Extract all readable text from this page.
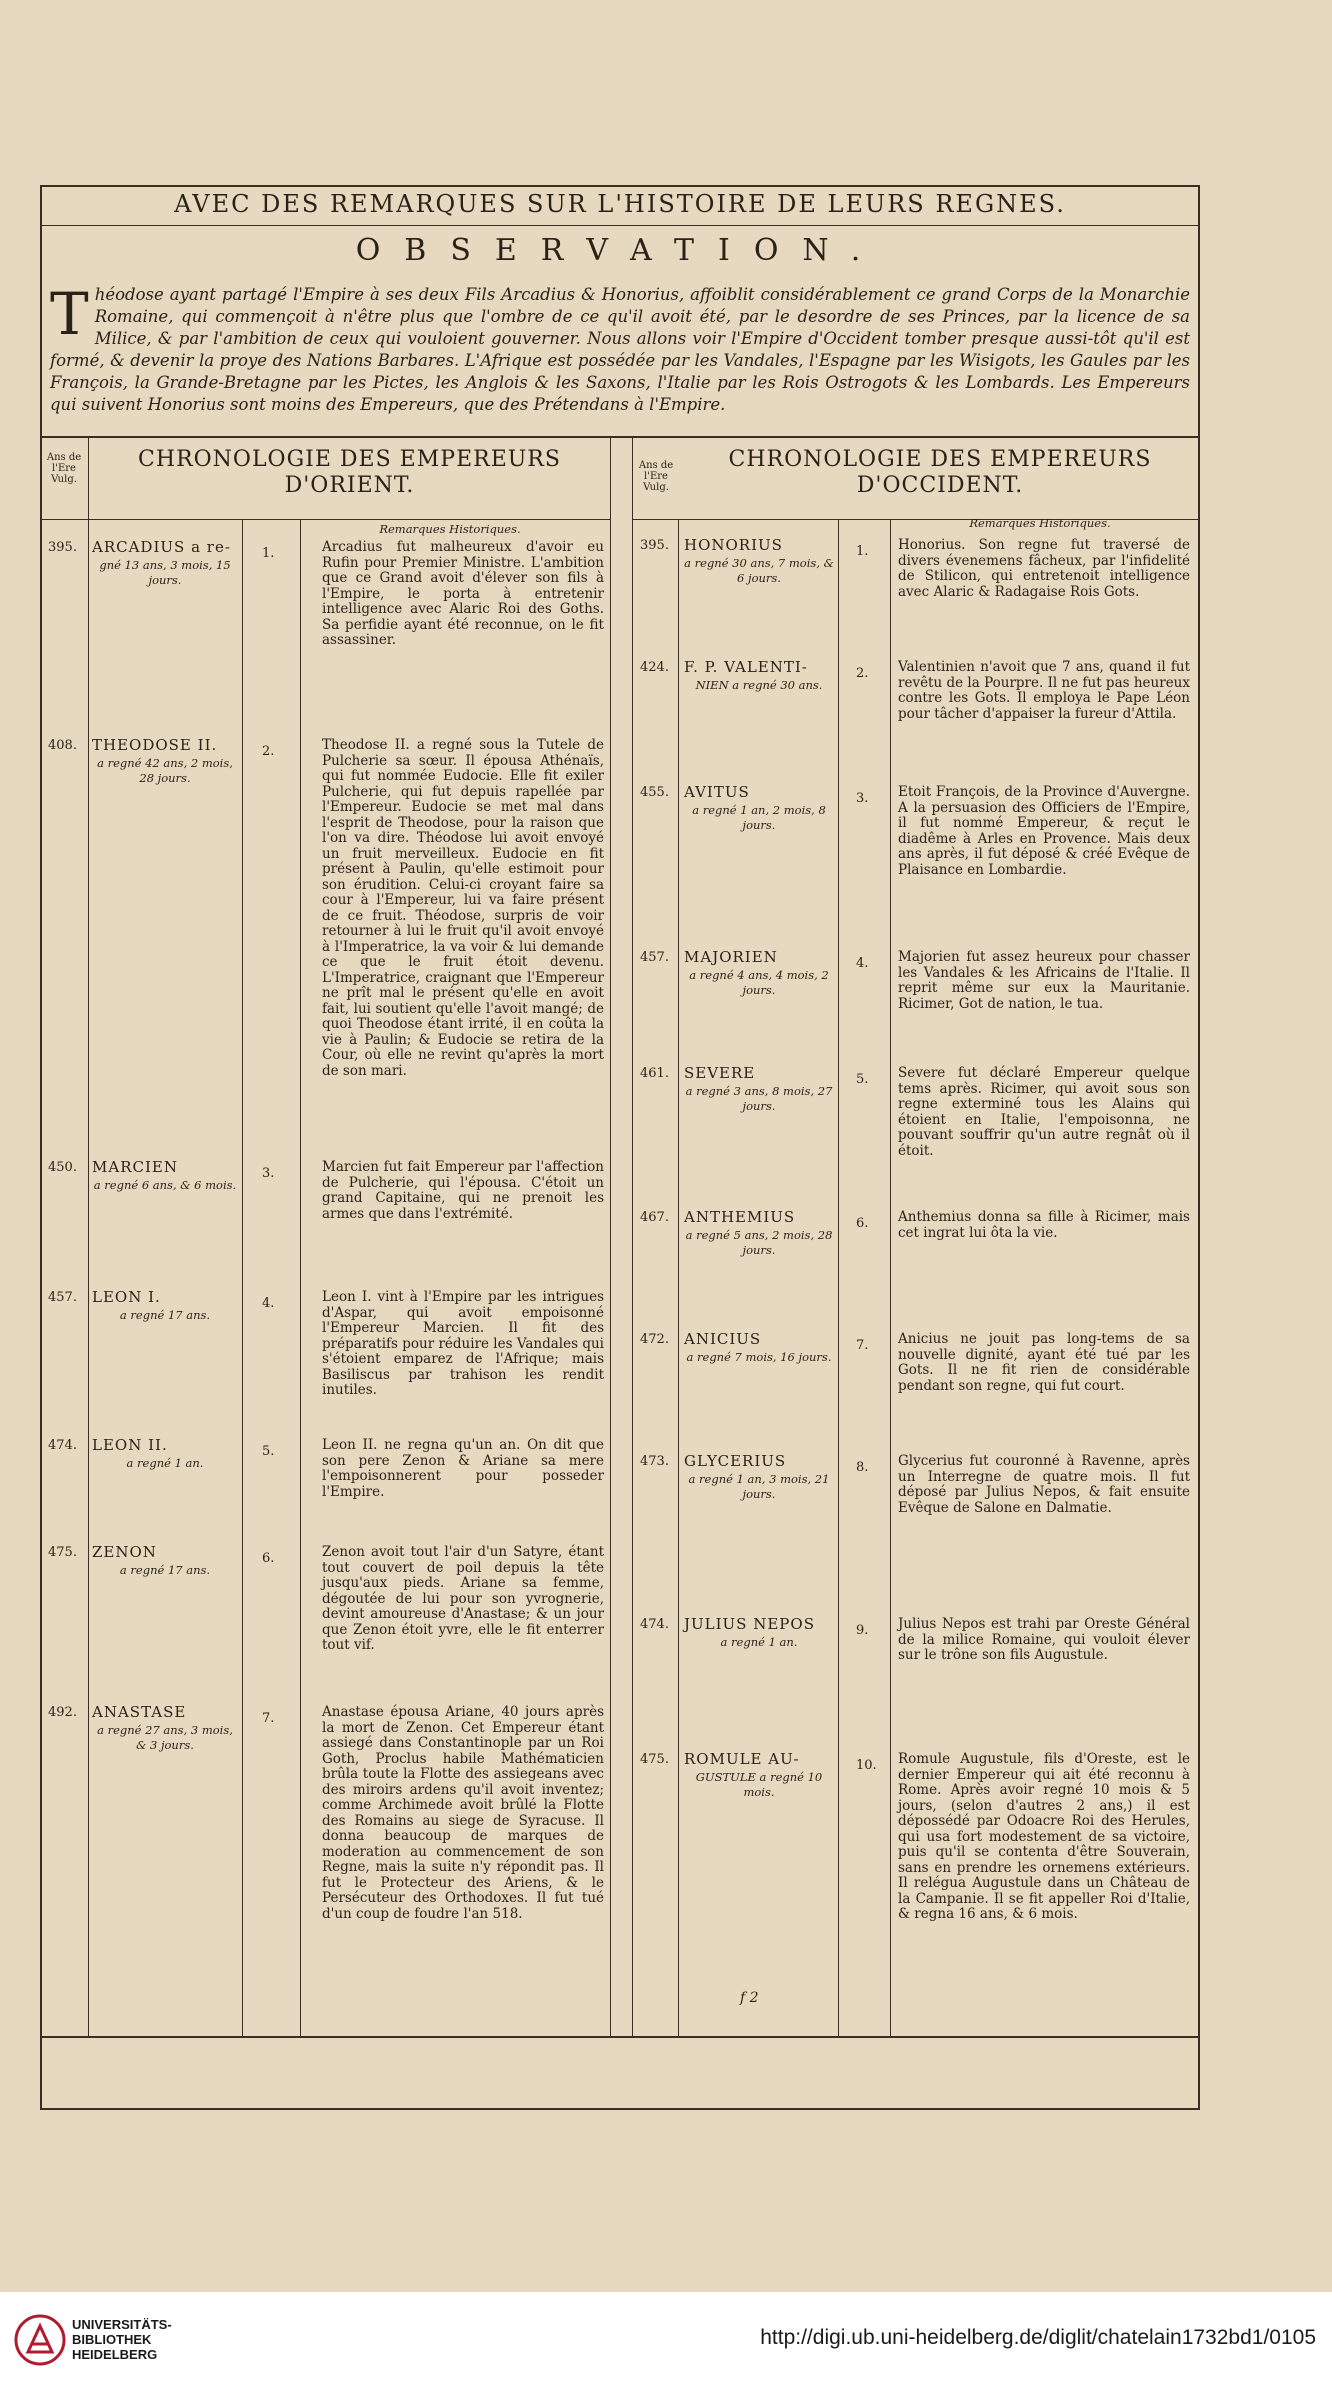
AVEC DES REMARQUES SUR L'HISTOIRE DE LEURS REGNES.
OBSERVATION.
Théodose ayant partagé l'Empire à ses deux Fils Arcadius & Honorius, affoiblit considérablement ce grand Corps de la Monarchie Romaine, qui commençoit à n'être plus que l'ombre de ce qu'il avoit été, par le desordre de ses Princes, par la licence de sa Milice, & par l'ambition de ceux qui vouloient gouverner. Nous allons voir l'Empire d'Occident tomber presque aussi-tôt qu'il est formé, & devenir la proye des Nations Barbares. L'Afrique est possédée par les Vandales, l'Espagne par les Wisigots, les Gaules par les François, la Grande-Bretagne par les Pictes, les Anglois & les Saxons, l'Italie par les Rois Ostrogots & les Lombards. Les Empereurs qui suivent Honorius sont moins des Empereurs, que des Prétendans à l'Empire.
Ans de l'Ere Vulg.
CHRONOLOGIE DES EMPEREURS
D'ORIENT.
Remarques Historiques.
Ans de l'Ere Vulg.
CHRONOLOGIE DES EMPEREURS
D'OCCIDENT.
Remarques Historiques.
395. ARCADIUS a re-
gné 13 ans, 3 mois, 15 jours.
1.	Arcadius fut malheureux d'avoir eu Rufin pour Premier Ministre. L'ambition que ce Grand avoit d'élever son fils à l'Empire, le porta à entretenir intelligence avec Alaric Roi des Goths. Sa perfidie ayant été reconnue, on le fit assassiner.
408. THEODOSE II.
a regné 42 ans, 2 mois, 28 jours.
2.	Theodose II. a regné sous la Tutele de Pulcherie sa sœur. Il épousa Athénaïs, qui fut nommée Eudocie. Elle fit exiler Pulcherie, qui fut depuis rapellée par l'Empereur. Eudocie se met mal dans l'esprit de Theodose, pour la raison que l'on va dire. Théodose lui avoit envoyé un fruit merveilleux. Eudocie en fit présent à Paulin, qu'elle estimoit pour son érudition. Celui-ci croyant faire sa cour à l'Empereur, lui va faire présent de ce fruit. Théodose, surpris de voir retourner à lui le fruit qu'il avoit envoyé à l'Imperatrice, la va voir & lui demande ce que le fruit étoit devenu. L'Imperatrice, craignant que l'Empereur ne prît mal le présent qu'elle en avoit fait, lui soutient qu'elle l'avoit mangé; de quoi Theodose étant irrité, il en coûta la vie à Paulin; & Eudocie se retira de la Cour, où elle ne revint qu'après la mort de son mari.
450. MARCIEN
a regné 6 ans, & 6 mois.
3.	Marcien fut fait Empereur par l'affection de Pulcherie, qui l'épousa. C'étoit un grand Capitaine, qui ne prenoit les armes que dans l'extrémité.
457. LEON I.
a regné 17 ans.
4.	Leon I. vint à l'Empire par les intrigues d'Aspar, qui avoit empoisonné l'Empereur Marcien. Il fit des préparatifs pour réduire les Vandales qui s'étoient emparez de l'Afrique; mais Basiliscus par trahison les rendit inutiles.
474. LEON II.
a regné 1 an.
5.	Leon II. ne regna qu'un an. On dit que son pere Zenon & Ariane sa mere l'empoisonnerent pour posseder l'Empire.
475. ZENON
a regné 17 ans.
6.	Zenon avoit tout l'air d'un Satyre, étant tout couvert de poil depuis la tête jusqu'aux pieds. Ariane sa femme, dégoutée de lui pour son yvrognerie, devint amoureuse d'Anastase; & un jour que Zenon étoit yvre, elle le fit enterrer tout vif.
492. ANASTASE
a regné 27 ans, 3 mois, & 3 jours.
7.	Anastase épousa Ariane, 40 jours après la mort de Zenon. Cet Empereur étant assiegé dans Constantinople par un Roi Goth, Proclus habile Mathématicien brûla toute la Flotte des assiegeans avec des miroirs ardens qu'il avoit inventez; comme Archimede avoit brûlé la Flotte des Romains au siege de Syracuse. Il donna beaucoup de marques de moderation au commencement de son Regne, mais la suite n'y répondit pas. Il fut le Protecteur des Ariens, & le Persécuteur des Orthodoxes. Il fut tué d'un coup de foudre l'an 518.
395. HONORIUS
a regné 30 ans, 7 mois, & 6 jours.
1. Honorius. Son regne fut traversé de divers évenemens fâcheux, par l'infidelité de Stilicon, qui entretenoit intelligence avec Alaric & Radagaise Rois Gots.
424. F. P. VALENTI-
NIEN a regné 30 ans.
2. Valentinien n'avoit que 7 ans, quand il fut revêtu de la Pourpre. Il ne fut pas heureux contre les Gots. Il employa le Pape Léon pour tâcher d'appaiser la fureur d'Attila.
455. AVITUS
a regné 1 an, 2 mois, 8 jours.
3. Etoit François, de la Province d'Auvergne. A la persuasion des Officiers de l'Empire, il fut nommé Empereur, & reçut le diadême à Arles en Provence. Mais deux ans après, il fut déposé & créé Evêque de Plaisance en Lombardie.
457. MAJORIEN
a regné 4 ans, 4 mois, 2 jours.
4. Majorien fut assez heureux pour chasser les Vandales & les Africains de l'Italie. Il reprit même sur eux la Mauritanie. Ricimer, Got de nation, le tua.
461. SEVERE
a regné 3 ans, 8 mois, 27 jours.
5. Severe fut déclaré Empereur quelque tems après. Ricimer, qui avoit sous son regne exterminé tous les Alains qui étoient en Italie, l'empoisonna, ne pouvant souffrir qu'un autre regnât où il étoit.
467. ANTHEMIUS
a regné 5 ans, 2 mois, 28 jours.
6. Anthemius donna sa fille à Ricimer, mais cet ingrat lui ôta la vie.
472. ANICIUS
a regné 7 mois, 16 jours.
7. Anicius ne jouit pas long-tems de sa nouvelle dignité, ayant été tué par les Gots. Il ne fit rien de considérable pendant son regne, qui fut court.
473. GLYCERIUS
a regné 1 an, 3 mois, 21 jours.
8. Glycerius fut couronné à Ravenne, après un Interregne de quatre mois. Il fut déposé par Julius Nepos, & fait ensuite Evêque de Salone en Dalmatie.
474. JULIUS NEPOS
a regné 1 an.
9. Julius Nepos est trahi par Oreste Général de la milice Romaine, qui vouloit élever sur le trône son fils Augustule.
475. ROMULE AU-
GUSTULE a regné 10 mois.
10. Romule Augustule, fils d'Oreste, est le dernier Empereur qui ait été reconnu à Rome. Après avoir regné 10 mois & 5 jours, (selon d'autres 2 ans,) il est dépossédé par Odoacre Roi des Herules, qui usa fort modestement de sa victoire, puis qu'il se contenta d'être Souverain, sans en prendre les ornemens extérieurs. Il relégua Augustule dans un Château de la Campanie. Il se fit appeller Roi d'Italie, & regna 16 ans, & 6 mois.
f 2
UNIVERSITÄTS-
BIBLIOTHEK
HEIDELBERG
http://digi.ub.uni-heidelberg.de/diglit/chatelain1732bd1/0105
